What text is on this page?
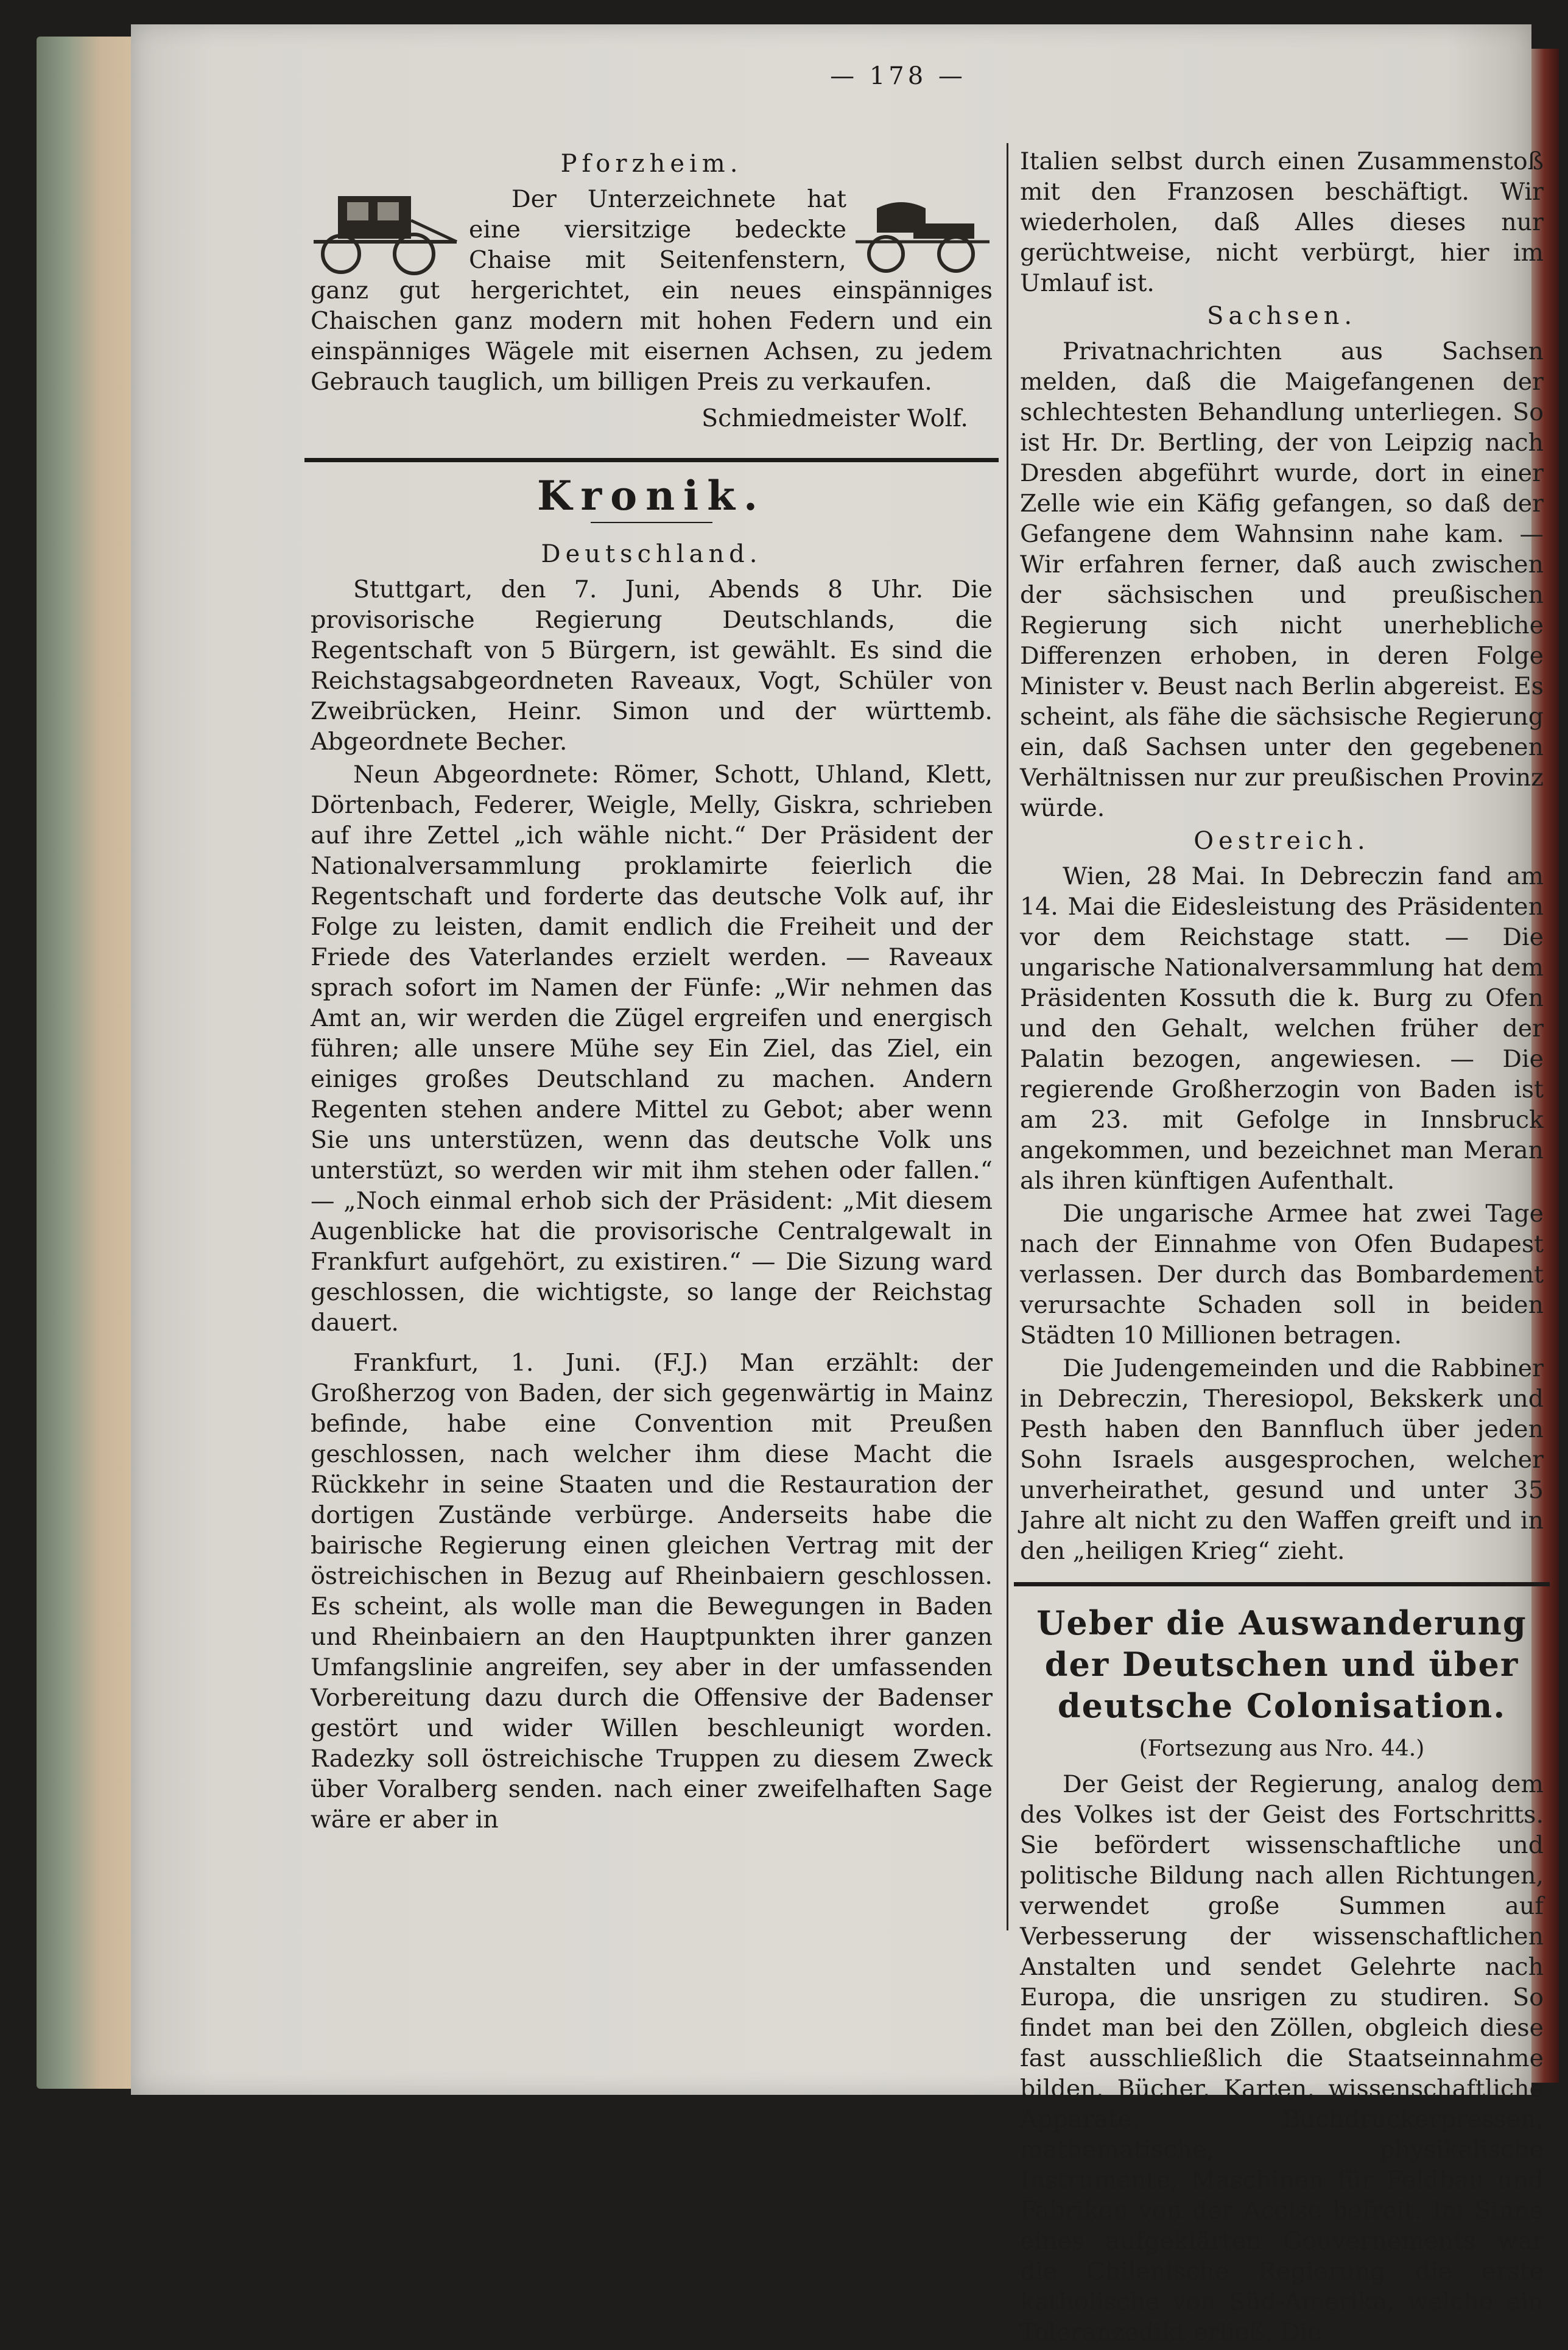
— 178 —
Pforzheim.

Der Unterzeichnete hat eine viersitzige bedeckte Chaise mit Seitenfenstern, ganz gut hergerichtet, ein neues einspänniges Chaischen ganz modern mit hohen Federn und ein einspänniges Wägele mit eisernen Achsen, zu jedem Gebrauch tauglich, um billigen Preis zu verkaufen.

Schmiedmeister Wolf.
Kronik.
Deutschland.

Stuttgart, den 7. Juni, Abends 8 Uhr. Die provisorische Regierung Deutschlands, die Regentschaft von 5 Bürgern, ist gewählt. Es sind die Reichstagsabgeordneten Raveaux, Vogt, Schüler von Zweibrücken, Heinr. Simon und der württemb. Abgeordnete Becher.

Neun Abgeordnete: Römer, Schott, Uhland, Klett, Dörtenbach, Federer, Weigle, Melly, Giskra, schrieben auf ihre Zettel „ich wähle nicht.“ Der Präsident der Nationalversammlung proklamirte feierlich die Regentschaft und forderte das deutsche Volk auf, ihr Folge zu leisten, damit endlich die Freiheit und der Friede des Vaterlandes erzielt werden. — Raveaux sprach sofort im Namen der Fünfe: „Wir nehmen das Amt an, wir werden die Zügel ergreifen und energisch führen; alle unsere Mühe sey Ein Ziel, das Ziel, ein einiges großes Deutschland zu machen. Andern Regenten stehen andere Mittel zu Gebot; aber wenn Sie uns unterstüzen, wenn das deutsche Volk uns unterstüzt, so werden wir mit ihm stehen oder fallen.“ — „Noch einmal erhob sich der Präsident: „Mit diesem Augenblicke hat die provisorische Centralgewalt in Frankfurt aufgehört, zu existiren.“ — Die Sizung ward geschlossen, die wichtigste, so lange der Reichstag dauert.

Frankfurt, 1. Juni. (F.J.) Man erzählt: der Großherzog von Baden, der sich gegenwärtig in Mainz befinde, habe eine Convention mit Preußen geschlossen, nach welcher ihm diese Macht die Rückkehr in seine Staaten und die Restauration der dortigen Zustände verbürge. Anderseits habe die bairische Regierung einen gleichen Vertrag mit der östreichischen in Bezug auf Rheinbaiern geschlossen. Es scheint, als wolle man die Bewegungen in Baden und Rheinbaiern an den Hauptpunkten ihrer ganzen Umfangslinie angreifen, sey aber in der umfassenden Vorbereitung dazu durch die Offensive der Badenser gestört und wider Willen beschleunigt worden. Radezky soll östreichische Truppen zu diesem Zweck über Voralberg senden. nach einer zweifelhaften Sage wäre er aber in

Italien selbst durch einen Zusammenstoß mit den Franzosen beschäftigt. Wir wiederholen, daß Alles dieses nur gerüchtweise, nicht verbürgt, hier im Umlauf ist.

Sachsen.

Privatnachrichten aus Sachsen melden, daß die Maigefangenen der schlechtesten Behandlung unterliegen. So ist Hr. Dr. Bertling, der von Leipzig nach Dresden abgeführt wurde, dort in einer Zelle wie ein Käfig gefangen, so daß der Gefangene dem Wahnsinn nahe kam. — Wir erfahren ferner, daß auch zwischen der sächsischen und preußischen Regierung sich nicht unerhebliche Differenzen erhoben, in deren Folge Minister v. Beust nach Berlin abgereist. Es scheint, als fähe die sächsische Regierung ein, daß Sachsen unter den gegebenen Verhältnissen nur zur preußischen Provinz würde.

Oestreich.

Wien, 28 Mai. In Debreczin fand am 14. Mai die Eidesleistung des Präsidenten vor dem Reichstage statt. — Die ungarische Nationalversammlung hat dem Präsidenten Kossuth die k. Burg zu Ofen und den Gehalt, welchen früher der Palatin bezogen, angewiesen. — Die regierende Großherzogin von Baden ist am 23. mit Gefolge in Innsbruck angekommen, und bezeichnet man Meran als ihren künftigen Aufenthalt.

Die ungarische Armee hat zwei Tage nach der Einnahme von Ofen Budapest verlassen. Der durch das Bombardement verursachte Schaden soll in beiden Städten 10 Millionen betragen.

Die Judengemeinden und die Rabbiner in Debreczin, Theresiopol, Bekskerk und Pesth haben den Bannfluch über jeden Sohn Israels ausgesprochen, welcher unverheirathet, gesund und unter 35 Jahre alt nicht zu den Waffen greift und in den „heiligen Krieg“ zieht.

Ueber die Auswanderung der Deutschen und über deutsche Colonisation.
(Fortsezung aus Nro. 44.)

Der Geist der Regierung, analog dem des Volkes ist der Geist des Fortschritts. Sie befördert wissenschaftliche und politische Bildung nach allen Richtungen, verwendet große Summen auf Verbesserung der wissenschaftlichen Anstalten und sendet Gelehrte nach Europa, die unsrigen zu studiren. So findet man bei den Zöllen, obgleich diese fast ausschließlich die Staatseinnahme bilden, Bücher, Karten, wissenschaftliche Apparate, Buchdruckerpressen, mathematische, physikalische Instrumente, Maschinen für Feldbau und Fabriken von der Accise befreit. Im Sinne eines aufgeklärten Gouvernements war die Chilenische Regierung die erste katholische von Süd-Amerika, welche ein Toleranzedikt erließ. Die
